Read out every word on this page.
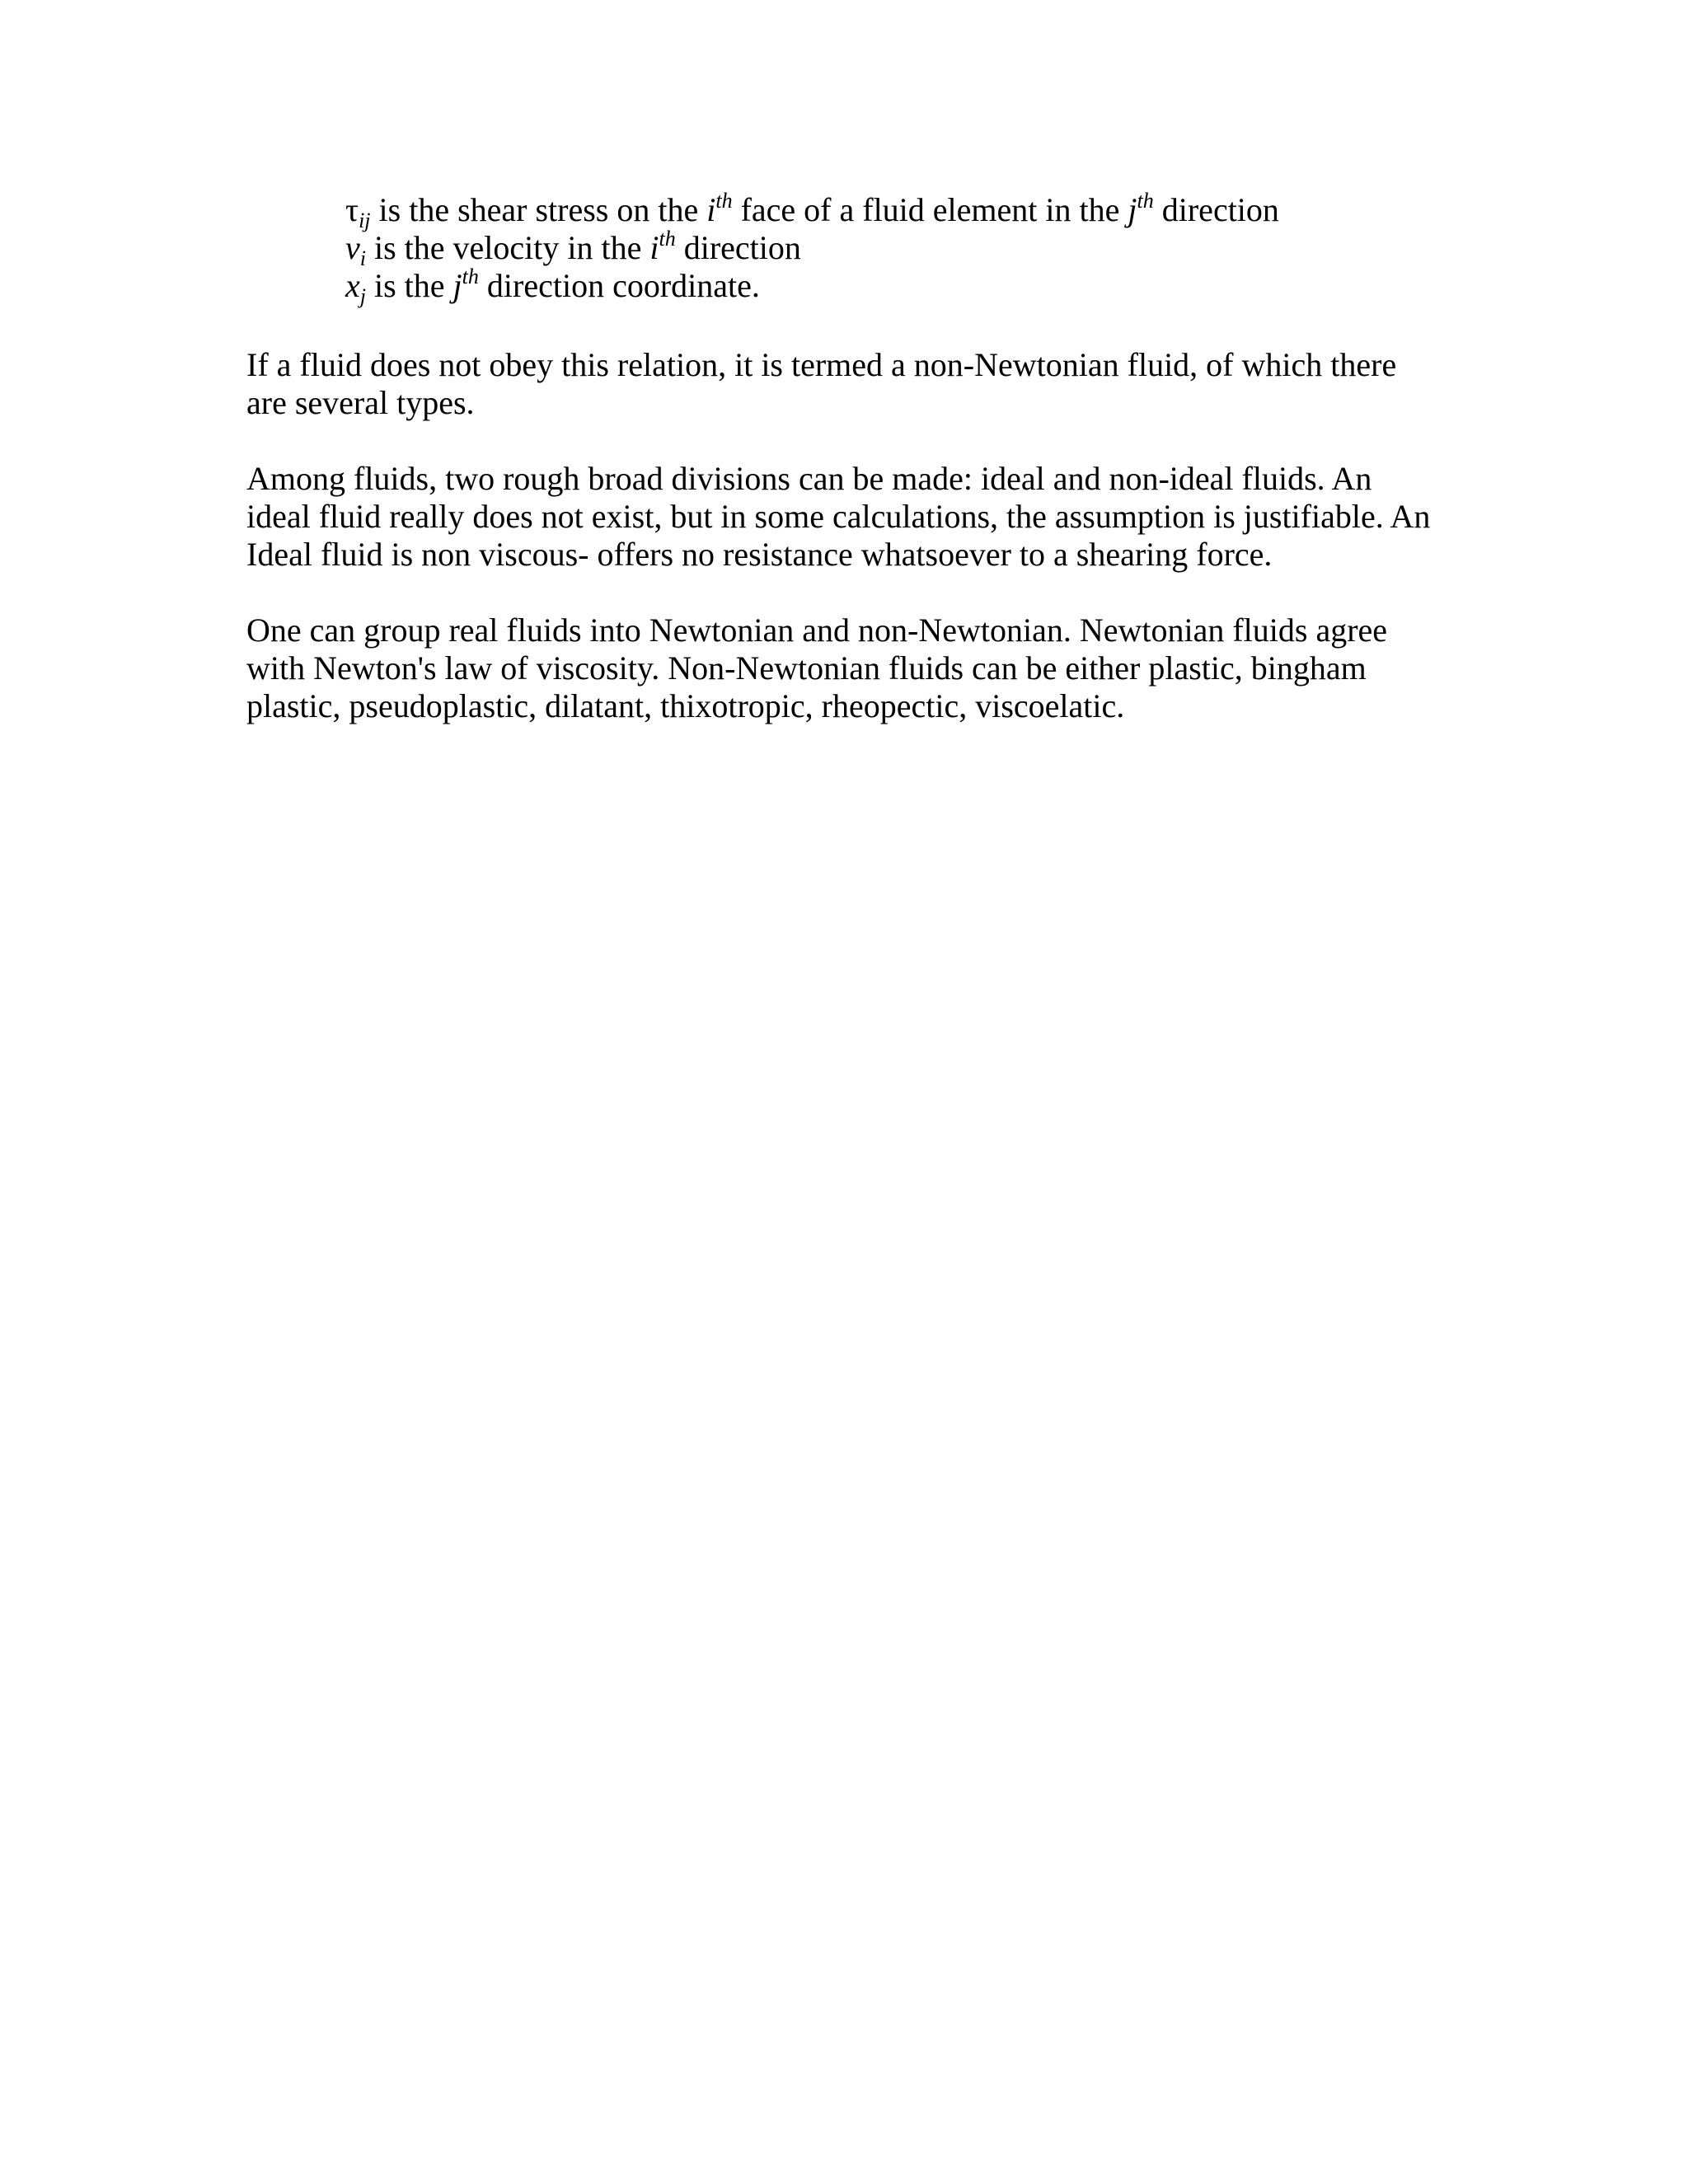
$\tau_{ij}$ is the shear stress on the $i^{th}$ face of a fluid element in the $j^{th}$ direction
$v_i$ is the velocity in the $i^{th}$ direction
$x_j$ is the $j^{th}$ direction coordinate.

If a fluid does not obey this relation, it is termed a non-Newtonian fluid, of which there
are several types.

Among fluids, two rough broad divisions can be made: ideal and non-ideal fluids. An
ideal fluid really does not exist, but in some calculations, the assumption is justifiable. An
Ideal fluid is non viscous- offers no resistance whatsoever to a shearing force.

One can group real fluids into Newtonian and non-Newtonian. Newtonian fluids agree
with Newton's law of viscosity. Non-Newtonian fluids can be either plastic, bingham
plastic, pseudoplastic, dilatant, thixotropic, rheopectic, viscoelatic.
